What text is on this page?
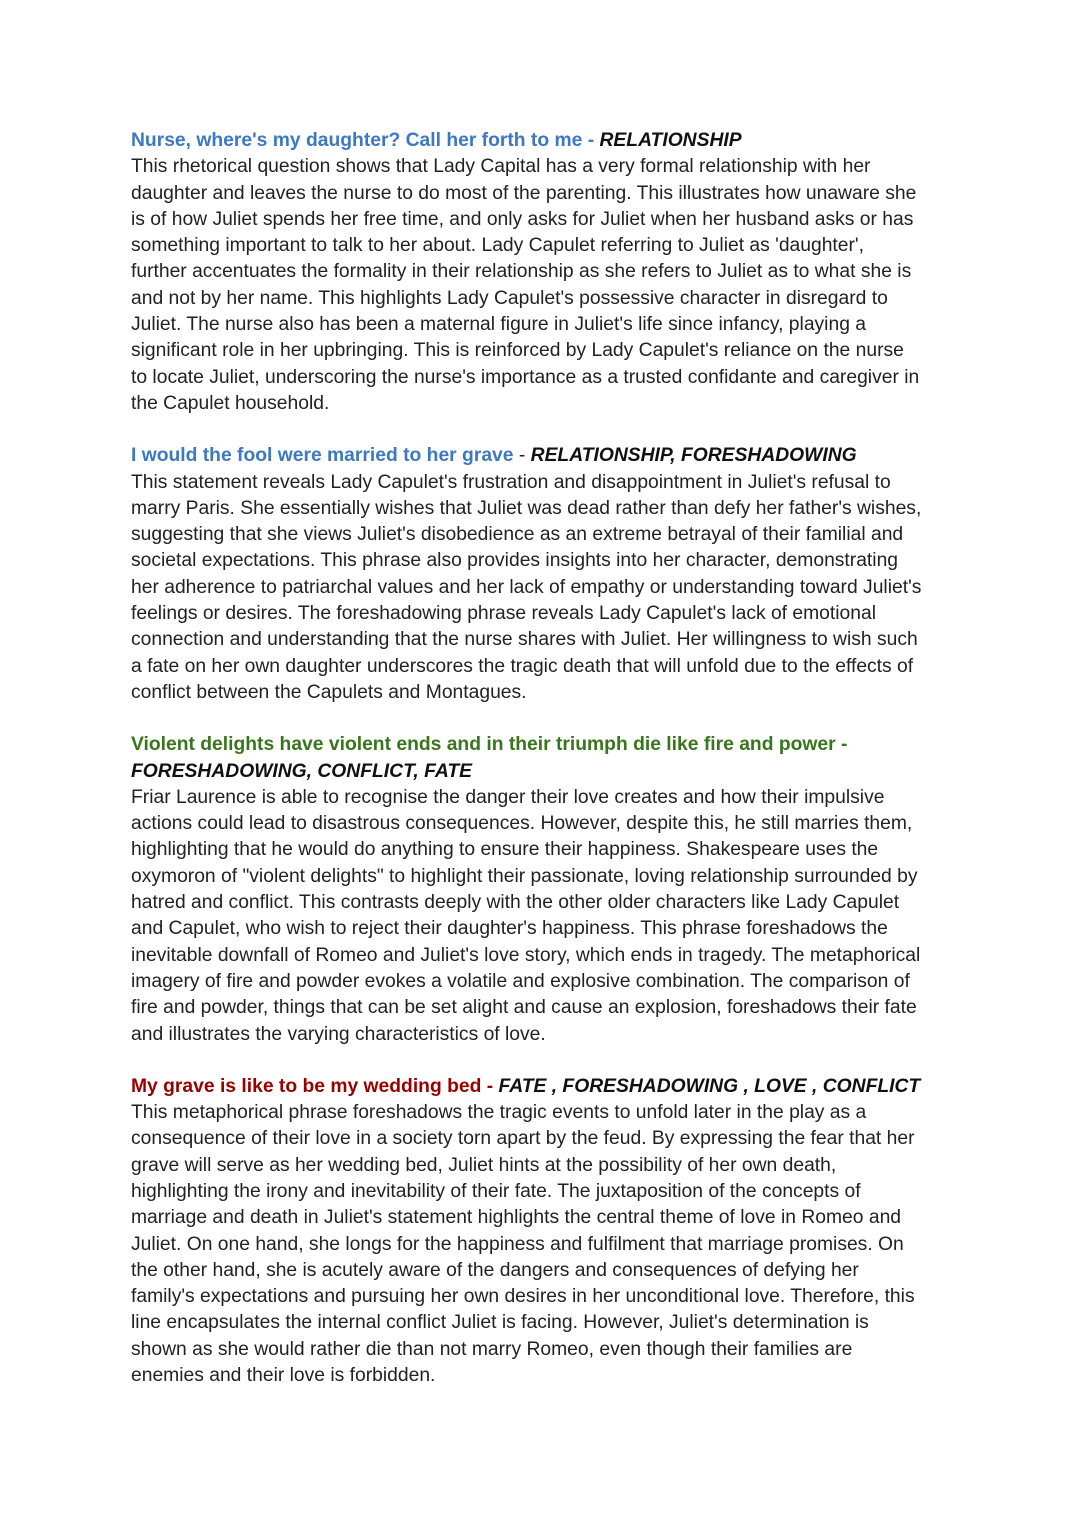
Nurse, where's my daughter? Call her forth to me - RELATIONSHIP

This rhetorical question shows that Lady Capital has a very formal relationship with her
daughter and leaves the nurse to do most of the parenting. This illustrates how unaware she
is of how Juliet spends her free time, and only asks for Juliet when her husband asks or has
something important to talk to her about. Lady Capulet referring to Juliet as 'daughter',
further accentuates the formality in their relationship as she refers to Juliet as to what she is
and not by her name. This highlights Lady Capulet's possessive character in disregard to
Juliet. The nurse also has been a maternal figure in Juliet's life since infancy, playing a
significant role in her upbringing. This is reinforced by Lady Capulet's reliance on the nurse
to locate Juliet, underscoring the nurse's importance as a trusted confidante and caregiver in
the Capulet household.

I would the fool were married to her grave - RELATIONSHIP, FORESHADOWING

This statement reveals Lady Capulet's frustration and disappointment in Juliet's refusal to
marry Paris. She essentially wishes that Juliet was dead rather than defy her father's wishes,
suggesting that she views Juliet's disobedience as an extreme betrayal of their familial and
societal expectations. This phrase also provides insights into her character, demonstrating
her adherence to patriarchal values and her lack of empathy or understanding toward Juliet's
feelings or desires. The foreshadowing phrase reveals Lady Capulet's lack of emotional
connection and understanding that the nurse shares with Juliet. Her willingness to wish such
a fate on her own daughter underscores the tragic death that will unfold due to the effects of
conflict between the Capulets and Montagues.

Violent delights have violent ends and in their triumph die like fire and power -
FORESHADOWING, CONFLICT, FATE

Friar Laurence is able to recognise the danger their love creates and how their impulsive
actions could lead to disastrous consequences. However, despite this, he still marries them,
highlighting that he would do anything to ensure their happiness. Shakespeare uses the
oxymoron of "violent delights" to highlight their passionate, loving relationship surrounded by
hatred and conflict. This contrasts deeply with the other older characters like Lady Capulet
and Capulet, who wish to reject their daughter's happiness. This phrase foreshadows the
inevitable downfall of Romeo and Juliet's love story, which ends in tragedy. The metaphorical
imagery of fire and powder evokes a volatile and explosive combination. The comparison of
fire and powder, things that can be set alight and cause an explosion, foreshadows their fate
and illustrates the varying characteristics of love.

My grave is like to be my wedding bed - FATE , FORESHADOWING , LOVE , CONFLICT

This metaphorical phrase foreshadows the tragic events to unfold later in the play as a
consequence of their love in a society torn apart by the feud. By expressing the fear that her
grave will serve as her wedding bed, Juliet hints at the possibility of her own death,
highlighting the irony and inevitability of their fate. The juxtaposition of the concepts of
marriage and death in Juliet's statement highlights the central theme of love in Romeo and
Juliet. On one hand, she longs for the happiness and fulfilment that marriage promises. On
the other hand, she is acutely aware of the dangers and consequences of defying her
family's expectations and pursuing her own desires in her unconditional love. Therefore, this
line encapsulates the internal conflict Juliet is facing. However, Juliet's determination is
shown as she would rather die than not marry Romeo, even though their families are
enemies and their love is forbidden.
